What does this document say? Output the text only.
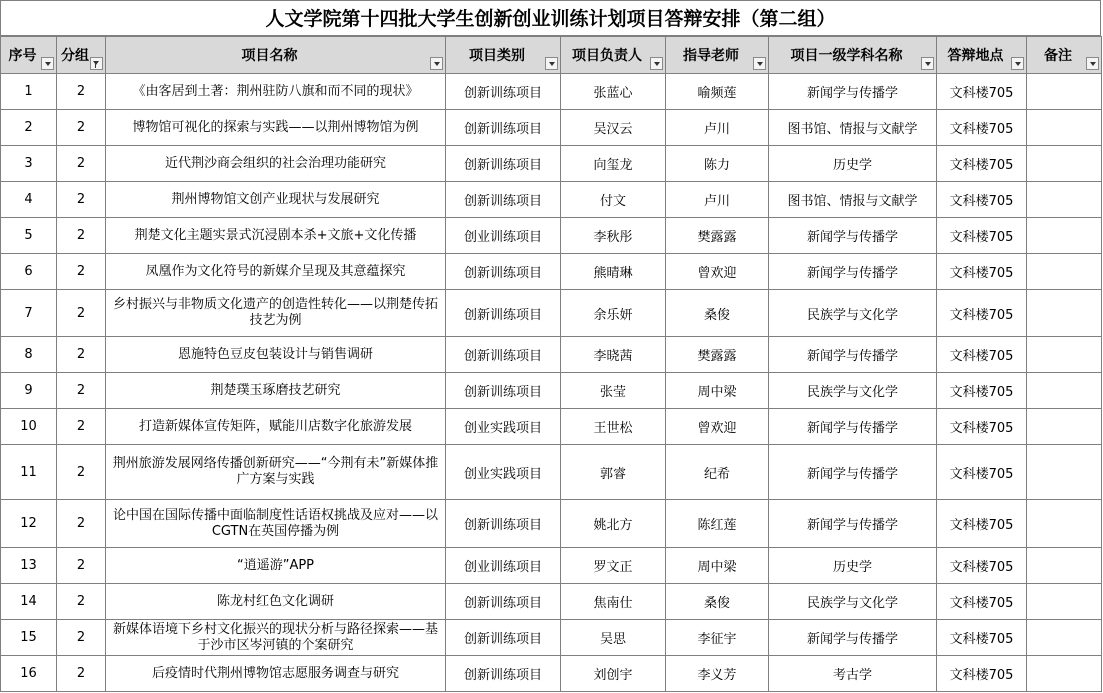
人文学院第十四批大学生创新创业训练计划项目答辩安排（第二组）
序号	分组	项目名称	项目类别	项目负责人	指导老师	项目一级学科名称	答辩地点	备注

1	2	《由客居到土著：荆州驻防八旗和而不同的现状》	创新训练项目	张蓝心	喻频莲	新闻学与传播学	文科楼705	
2	2	博物馆可视化的探索与实践——以荆州博物馆为例	创新训练项目	吴汉云	卢川	图书馆、情报与文献学	文科楼705	
3	2	近代荆沙商会组织的社会治理功能研究	创新训练项目	向玺龙	陈力	历史学	文科楼705	
4	2	荆州博物馆文创产业现状与发展研究	创新训练项目	付文	卢川	图书馆、情报与文献学	文科楼705	
5	2	荆楚文化主题实景式沉浸剧本杀+文旅+文化传播	创业训练项目	李秋彤	樊露露	新闻学与传播学	文科楼705	
6	2	凤凰作为文化符号的新媒介呈现及其意蕴探究	创新训练项目	熊晴琳	曾欢迎	新闻学与传播学	文科楼705	
7	2	乡村振兴与非物质文化遗产的创造性转化——以荆楚传拓技艺为例	创新训练项目	余乐妍	桑俊	民族学与文化学	文科楼705	
8	2	恩施特色豆皮包装设计与销售调研	创新训练项目	李晓茜	樊露露	新闻学与传播学	文科楼705	
9	2	荆楚璞玉琢磨技艺研究	创新训练项目	张莹	周中梁	民族学与文化学	文科楼705	
10	2	打造新媒体宣传矩阵，赋能川店数字化旅游发展	创业实践项目	王世松	曾欢迎	新闻学与传播学	文科楼705	
11	2	荆州旅游发展网络传播创新研究——“今荆有未”新媒体推广方案与实践	创业实践项目	郭睿	纪希	新闻学与传播学	文科楼705	
12	2	论中国在国际传播中面临制度性话语权挑战及应对——以CGTN在英国停播为例	创新训练项目	姚北方	陈红莲	新闻学与传播学	文科楼705	
13	2	“逍遥游”APP	创业训练项目	罗文正	周中梁	历史学	文科楼705	
14	2	陈龙村红色文化调研	创新训练项目	焦南仕	桑俊	民族学与文化学	文科楼705	
15	2	新媒体语境下乡村文化振兴的现状分析与路径探索——基于沙市区岑河镇的个案研究	创新训练项目	吴思	李征宇	新闻学与传播学	文科楼705	
16	2	后疫情时代荆州博物馆志愿服务调查与研究	创新训练项目	刘创宇	李义芳	考古学	文科楼705	
